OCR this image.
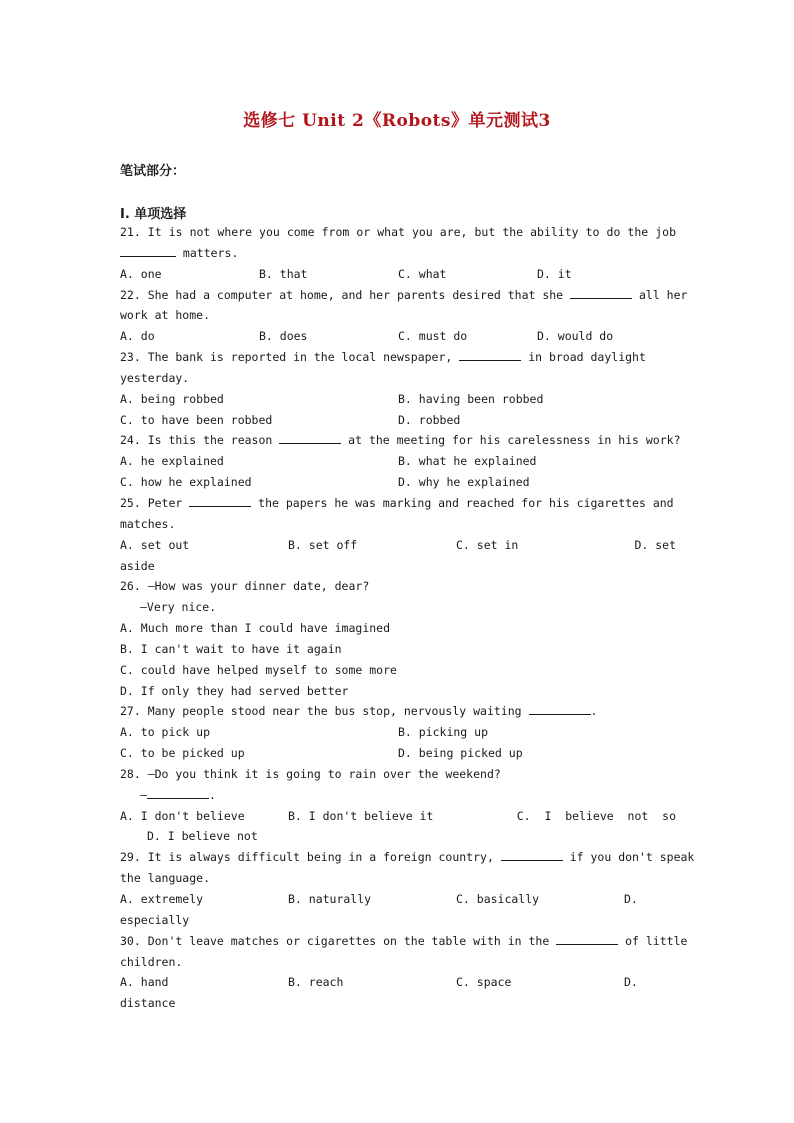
选修七 Unit 2《Robots》单元测试3
笔试部分：
I. 单项选择
21. It is not where you come from or what you are, but the ability to do the job
matters.
A. one	B. that	C. what	D. it
22. She had a computer at home, and her parents desired that she	all her
work at home.
A. do	B. does	C. must do	D. would do
23. The bank is reported in the local newspaper,	in broad daylight
yesterday.
A. being robbed	B. having been robbed
C. to have been robbed	D. robbed
24. Is this the reason	at the meeting for his carelessness in his work?
A. he explained	B. what he explained
C. how he explained	D. why he explained
25. Peter	the papers he was marking and reached for his cigarettes and
matches.
A. set out	B. set off	C. set in	D. set
aside
26. —How was your dinner date, dear?
—Very nice.
A. Much more than I could have imagined
B. I can't wait to have it again
C. could have helped myself to some more
D. If only they had served better
27. Many people stood near the bus stop, nervously waiting	.
A. to pick up	B. picking up
C. to be picked up	D. being picked up
28. —Do you think it is going to rain over the weekend?
—	.
A. I don't believe	B. I don't believe it	C.  I  believe  not  so
D. I believe not
29. It is always difficult being in a foreign country,	if you don't speak
the language.
A. extremely	B. naturally	C. basically	D.
especially
30. Don't leave matches or cigarettes on the table with in the	of little
children.
A. hand	B. reach	C. space	D.
distance
